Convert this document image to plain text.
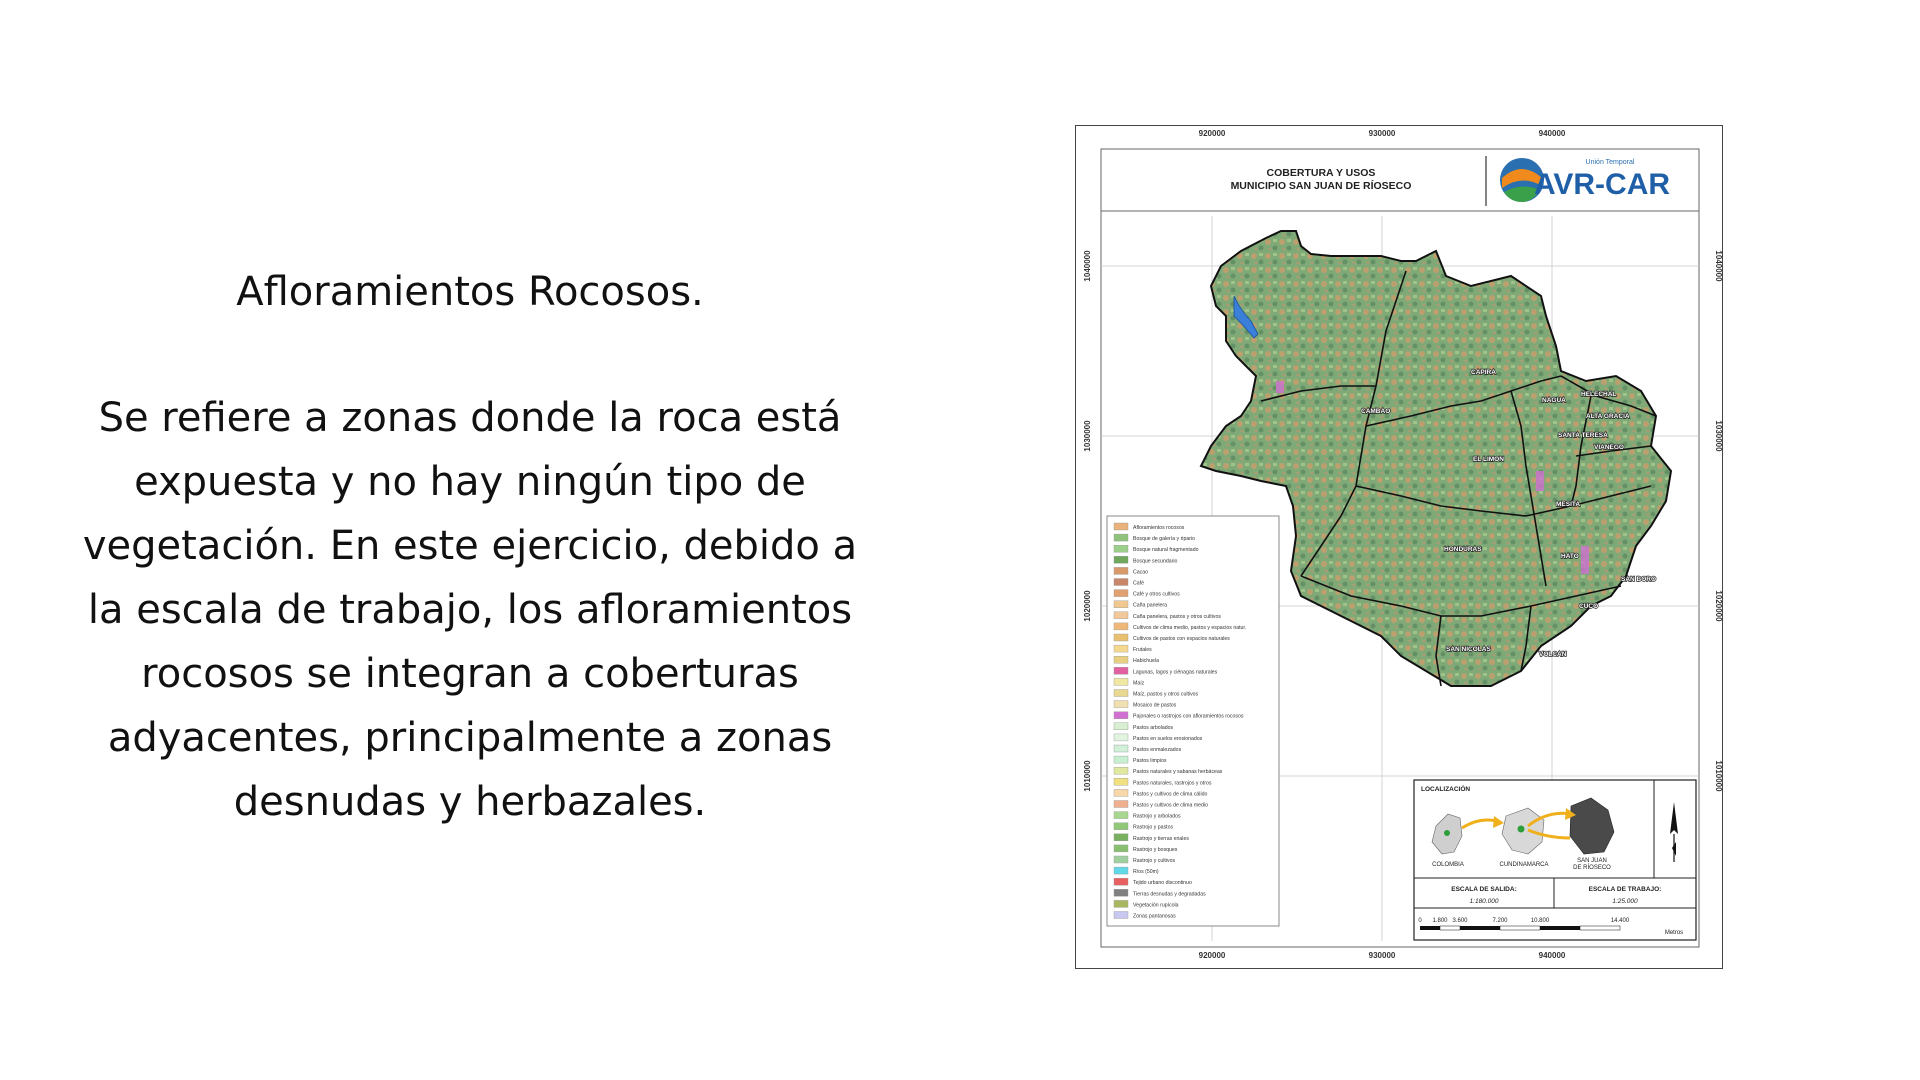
Afloramientos Rocosos.
Se refiere a zonas donde la roca está
expuesta y no hay ningún tipo de
vegetación. En este ejercicio, debido a
la escala de trabajo, los afloramientos
rocosos se integran a coberturas
adyacentes, principalmente a zonas
desnudas y herbazales.
920000	930000	940000
920000	930000	940000
1040000
1030000
1020000
1010000
1040000
1030000
1020000
1010000
COBERTURA Y USOS
MUNICIPIO SAN JUAN DE RÍOSECO
Unión Temporal
AVR-CAR
CAPIRA
CAMBAO
HELECHAL
NAGUA
ALTA GRACIA
SANTA TERESA
VIANEGO
EL LIMON
MESITA
HONDURAS
HATO
SAN BORO
CUCO
SAN NICOLAS
VOLCAN
Afloramientos rocosos
Bosque de galería y ripario
Bosque natural fragmentado
Bosque secundario
Cacao
Café
Café y otros cultivos
Caña panelera
Caña panelera, pastos y otros cultivos
Cultivos de clima medio, pastos y espacios natur.
Cultivos de pastos con espacios naturales
Frutales
Habichuela
Lagunas, lagos y ciénagas naturales
Maíz
Maíz, pastos y otros cultivos
Mosaico de pastos
Pajonales o rastrojos con afloramientos rocosos
Pastos arbolados
Pastos en suelos erosionados
Pastos enmalezados
Pastos limpios
Pastos naturales y sabanas herbáceas
Pastos naturales, rastrojos y otros
Pastos y cultivos de clima cálido
Pastos y cultivos de clima medio
Rastrojo y arbolados
Rastrojo y pastos
Rastrojo y tierras eriales
Rastrojo y bosques
Rastrojo y cultivos
Ríos (50m)
Tejido urbano discontinuo
Tierras desnudas y degradadas
Vegetación rupícola
Zonas pantanosas
LOCALIZACIÓN
COLOMBIA	CUNDINAMARCA
SAN JUAN
DE RÍOSECO
ESCALA DE SALIDA:
1:180.000
ESCALA DE TRABAJO:
1:25.000
0 1.800 3.600	7.200	10.800	14.400
Metros
